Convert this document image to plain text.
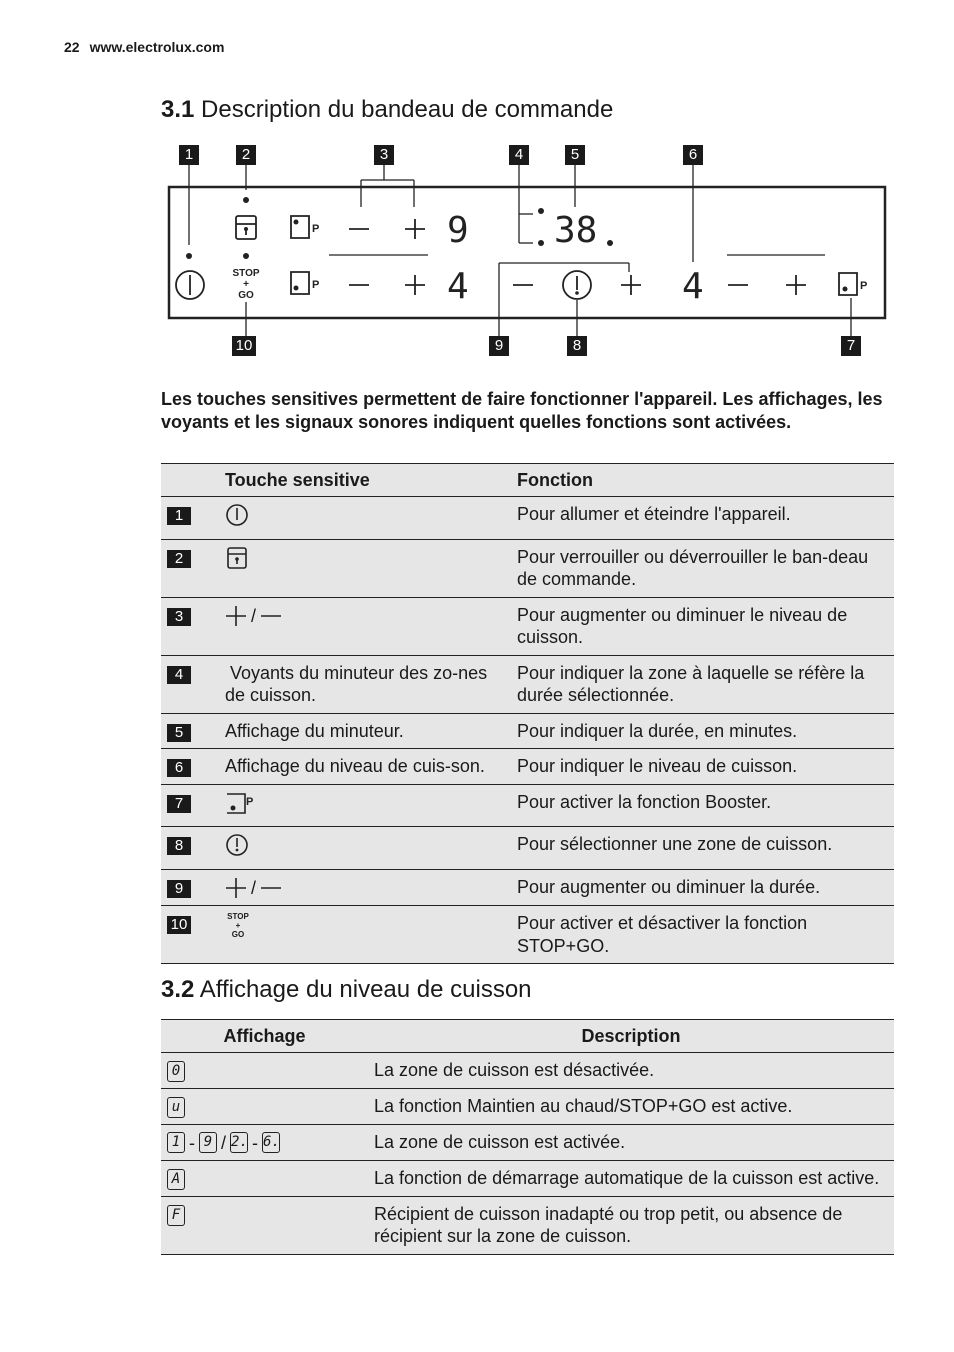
22 www.electrolux.com
3.1 Description du bandeau de commande
STOP
+
GO
P
P	P
9
4
38
4
1	2	3	4	5	6
7
8
9
10
Les touches sensitives permettent de faire fonctionner l'appareil. Les affichages, les voyants et les signaux sonores indiquent quelles fonctions sont activées.
	Touche sensitive	Fonction
1		Pour allumer et éteindre l'appareil.
2		Pour verrouiller ou déverrouiller le ban-deau de commande.
3	/	Pour augmenter ou diminuer le niveau de cuisson.
4	Voyants du minuteur des zo-nes de cuisson.	Pour indiquer la zone à laquelle se réfère la durée sélectionnée.
5	Affichage du minuteur.	Pour indiquer la durée, en minutes.
6	Affichage du niveau de cuis-son.	Pour indiquer le niveau de cuisson.
7	P	Pour activer la fonction Booster.
8		Pour sélectionner une zone de cuisson.
9	/	Pour augmenter ou diminuer la durée.
10	STOP + GO	Pour activer et désactiver la fonction STOP+GO.
3.2 Affichage du niveau de cuisson
Affichage	Description
0	La zone de cuisson est désactivée.
u	La fonction Maintien au chaud/STOP+GO est active.
1 - 9 / 2. - 6.	La zone de cuisson est activée.
A	La fonction de démarrage automatique de la cuisson est active.
F	Récipient de cuisson inadapté ou trop petit, ou absence de récipient sur la zone de cuisson.
